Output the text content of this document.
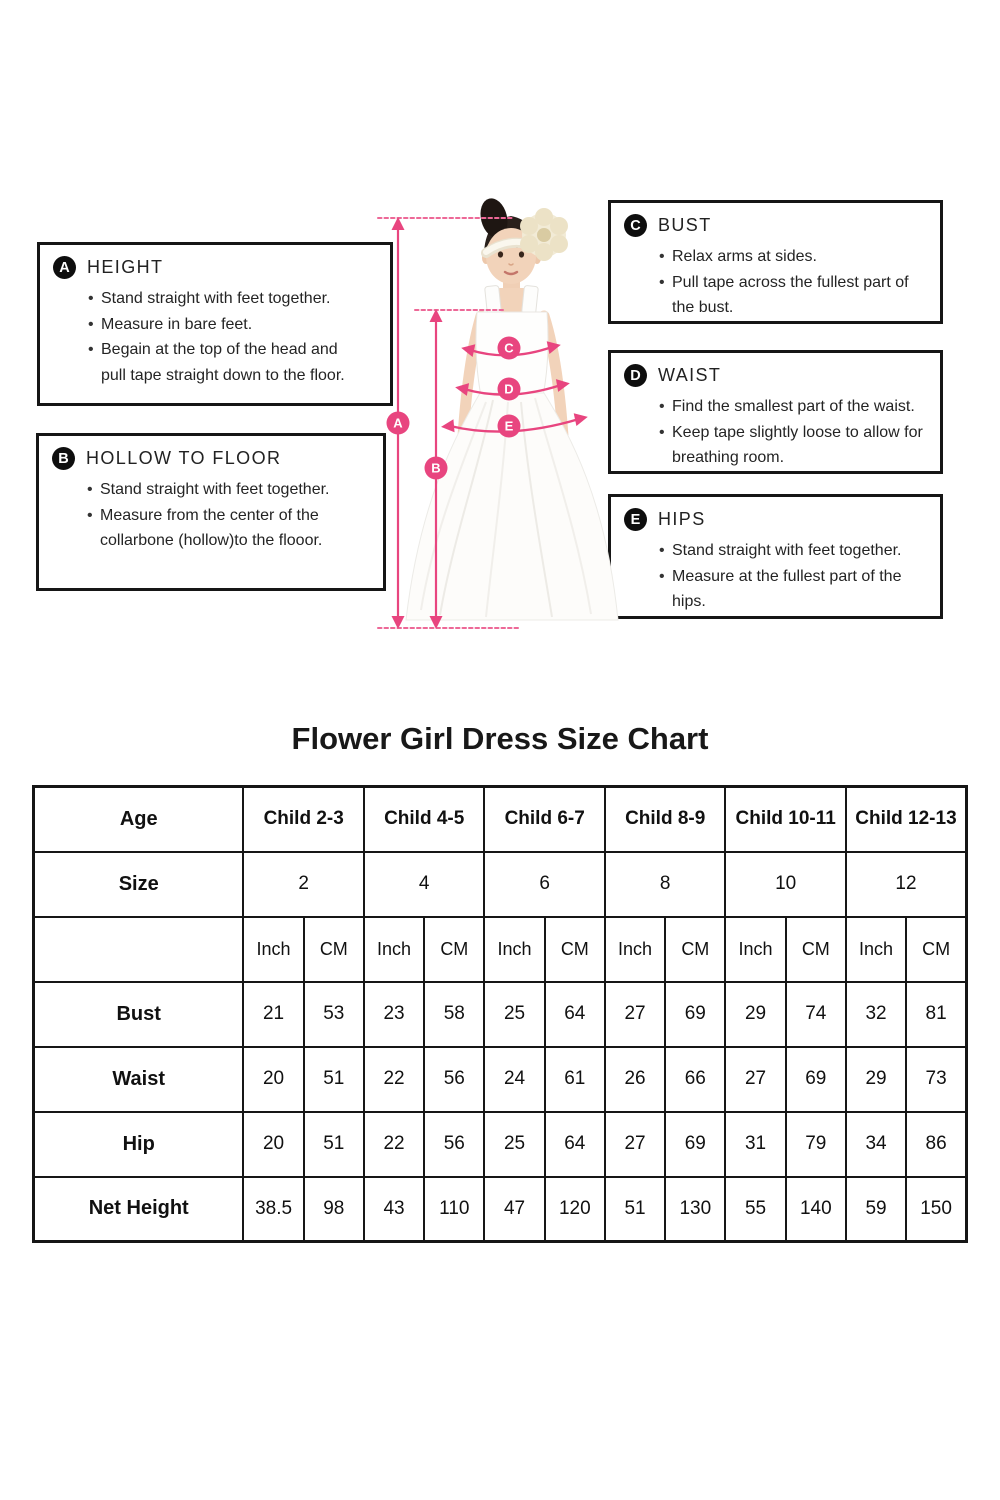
A HEIGHT
• Stand straight with feet together.
• Measure in bare feet.
• Begain at the top of the head and pull tape straight down to the floor.
B HOLLOW TO FLOOR
• Stand straight with feet together.
• Measure from the center of the collarbone (hollow)to the flooor.
C BUST
• Relax arms at sides.
• Pull tape across the fullest part of the bust.
D WAIST
• Find the smallest part of the waist.
• Keep tape slightly loose to allow for breathing room.
E HIPS
• Stand straight with feet together.
• Measure at the fullest part of the hips.
A
B
C
D
E
Flower Girl Dress Size Chart
Age	Child 2-3		Child 4-5		Child 6-7		Child 8-9		Child 10-11		Child 12-13	
Size	2		4		6		8		10		12	
	Inch	CM	Inch	CM	Inch	CM	Inch	CM	Inch	CM	Inch	CM
Bust	21	53	23	58	25	64	27	69	29	74	32	81
Waist	20	51	22	56	24	61	26	66	27	69	29	73
Hip	20	51	22	56	25	64	27	69	31	79	34	86
Net Height	38.5	98	43	110	47	120	51	130	55	140	59	150
